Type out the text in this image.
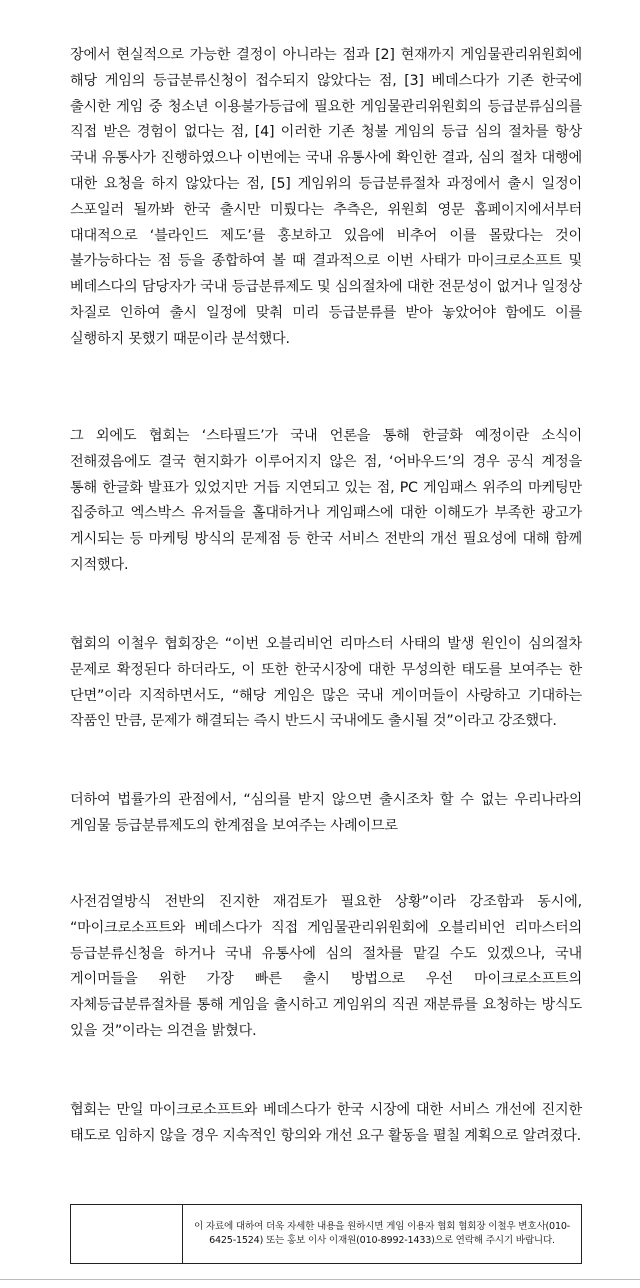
장에서 현실적으로 가능한 결정이 아니라는 점과 [2] 현재까지 게임물관리위원회에 해당 게임의 등급분류신청이 접수되지 않았다는 점, [3] 베데스다가 기존 한국에 출시한 게임 중 청소년 이용불가등급에 필요한 게임물관리위원회의 등급분류심의를 직접 받은 경험이 없다는 점, [4] 이러한 기존 청불 게임의 등급 심의 절차를 항상 국내 유통사가 진행하였으나 이번에는 국내 유통사에 확인한 결과, 심의 절차 대행에 대한 요청을 하지 않았다는 점, [5] 게임위의 등급분류절차 과정에서 출시 일정이 스포일러 될까봐 한국 출시만 미뤘다는 추측은, 위원회 영문 홈페이지에서부터 대대적으로 ‘블라인드 제도’를 홍보하고 있음에 비추어 이를 몰랐다는 것이 불가능하다는 점 등을 종합하여 볼 때 결과적으로 이번 사태가 마이크로소프트 및 베데스다의 담당자가 국내 등급분류제도 및 심의절차에 대한 전문성이 없거나 일정상 차질로 인하여 출시 일정에 맞춰 미리 등급분류를 받아 놓았어야 함에도 이를 실행하지 못했기 때문이라 분석했다.

그 외에도 협회는 ‘스타필드’가 국내 언론을 통해 한글화 예정이란 소식이 전해졌음에도 결국 현지화가 이루어지지 않은 점, ‘어바우드’의 경우 공식 계정을 통해 한글화 발표가 있었지만 거듭 지연되고 있는 점, PC 게임패스 위주의 마케팅만 집중하고 엑스박스 유저들을 홀대하거나 게임패스에 대한 이해도가 부족한 광고가 게시되는 등 마케팅 방식의 문제점 등 한국 서비스 전반의 개선 필요성에 대해 함께 지적했다.

협회의 이철우 협회장은 “이번 오블리비언 리마스터 사태의 발생 원인이 심의절차 문제로 확정된다 하더라도, 이 또한 한국시장에 대한 무성의한 태도를 보여주는 한 단면”이라 지적하면서도, “해당 게임은 많은 국내 게이머들이 사랑하고 기대하는 작품인 만큼, 문제가 해결되는 즉시 반드시 국내에도 출시될 것”이라고 강조했다.

더하여 법률가의 관점에서, “심의를 받지 않으면 출시조차 할 수 없는 우리나라의 게임물 등급분류제도의 한계점을 보여주는 사례이므로

사전검열방식 전반의 진지한 재검토가 필요한 상황”이라 강조함과 동시에, “마이크로소프트와 베데스다가 직접 게임물관리위원회에 오블리비언 리마스터의 등급분류신청을 하거나 국내 유통사에 심의 절차를 맡길 수도 있겠으나, 국내 게이머들을 위한 가장 빠른 출시 방법으로 우선 마이크로소프트의 자체등급분류절차를 통해 게임을 출시하고 게임위의 직권 재분류를 요청하는 방식도 있을 것”이라는 의견을 밝혔다.

협회는 만일 마이크로소프트와 베데스다가 한국 시장에 대한 서비스 개선에 진지한 태도로 임하지 않을 경우 지속적인 항의와 개선 요구 활동을 펼칠 계획으로 알려졌다.

이 자료에 대하여 더욱 자세한 내용을 원하시면 게임 이용자 협회 협회장 이철우 변호사(010-6425-1524) 또는 홍보 이사 이재원(010-8992-1433)으로 연락해 주시기 바랍니다.
